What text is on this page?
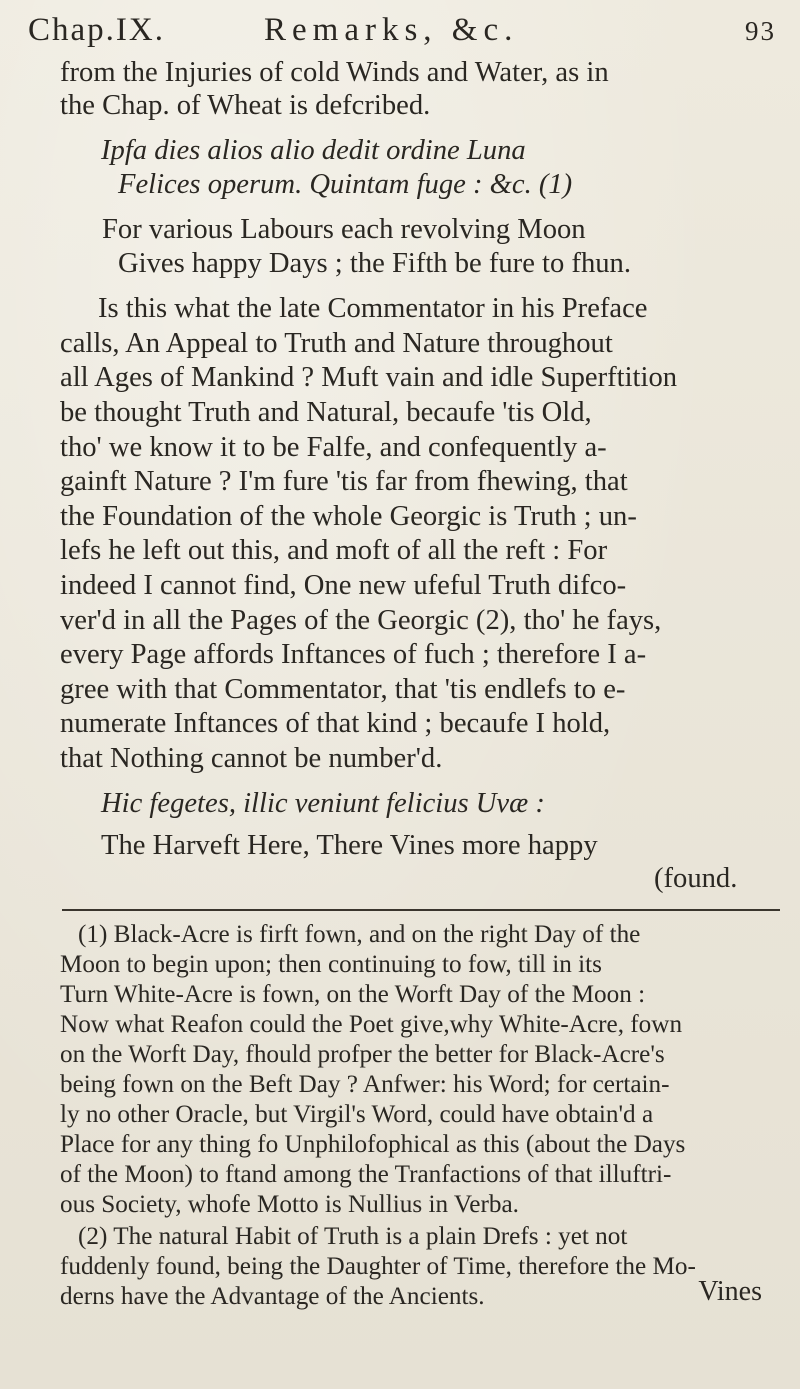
Chap.IX.	Remarks, &c.	93
from the Injuries of cold Winds and Water, as in
the Chap. of Wheat is defcribed.
Ipfa dies alios alio dedit ordine Luna
Felices operum. Quintam fuge : &c. (1)
For various Labours each revolving Moon
Gives happy Days ; the Fifth be fure to fhun.
Is this what the late Commentator in his Preface
calls, An Appeal to Truth and Nature throughout
all Ages of Mankind ? Muft vain and idle Superftition
be thought Truth and Natural, becaufe 'tis Old,
tho' we know it to be Falfe, and confequently a-
gainft Nature ? I'm fure 'tis far from fhewing, that
the Foundation of the whole Georgic is Truth ; un-
lefs he left out this, and moft of all the reft : For
indeed I cannot find, One new ufeful Truth difco-
ver'd in all the Pages of the Georgic (2), tho' he fays,
every Page affords Inftances of fuch ; therefore I a-
gree with that Commentator, that 'tis endlefs to e-
numerate Inftances of that kind ; becaufe I hold,
that Nothing cannot be number'd.
Hic fegetes, illic veniunt felicius Uvæ :
The Harveft Here, There Vines more happy
(found.
(1) Black-Acre is firft fown, and on the right Day of the
Moon to begin upon; then continuing to fow, till in its
Turn White-Acre is fown, on the Worft Day of the Moon :
Now what Reafon could the Poet give,why White-Acre, fown
on the Worft Day, fhould profper the better for Black-Acre's
being fown on the Beft Day ? Anfwer: his Word; for certain-
ly no other Oracle, but Virgil's Word, could have obtain'd a
Place for any thing fo Unphilofophical as this (about the Days
of the Moon) to ftand among the Tranfactions of that illuftri-
ous Society, whofe Motto is Nullius in Verba.
(2) The natural Habit of Truth is a plain Drefs : yet not
fuddenly found, being the Daughter of Time, therefore the Mo-
derns have the Advantage of the Ancients.	Vines
